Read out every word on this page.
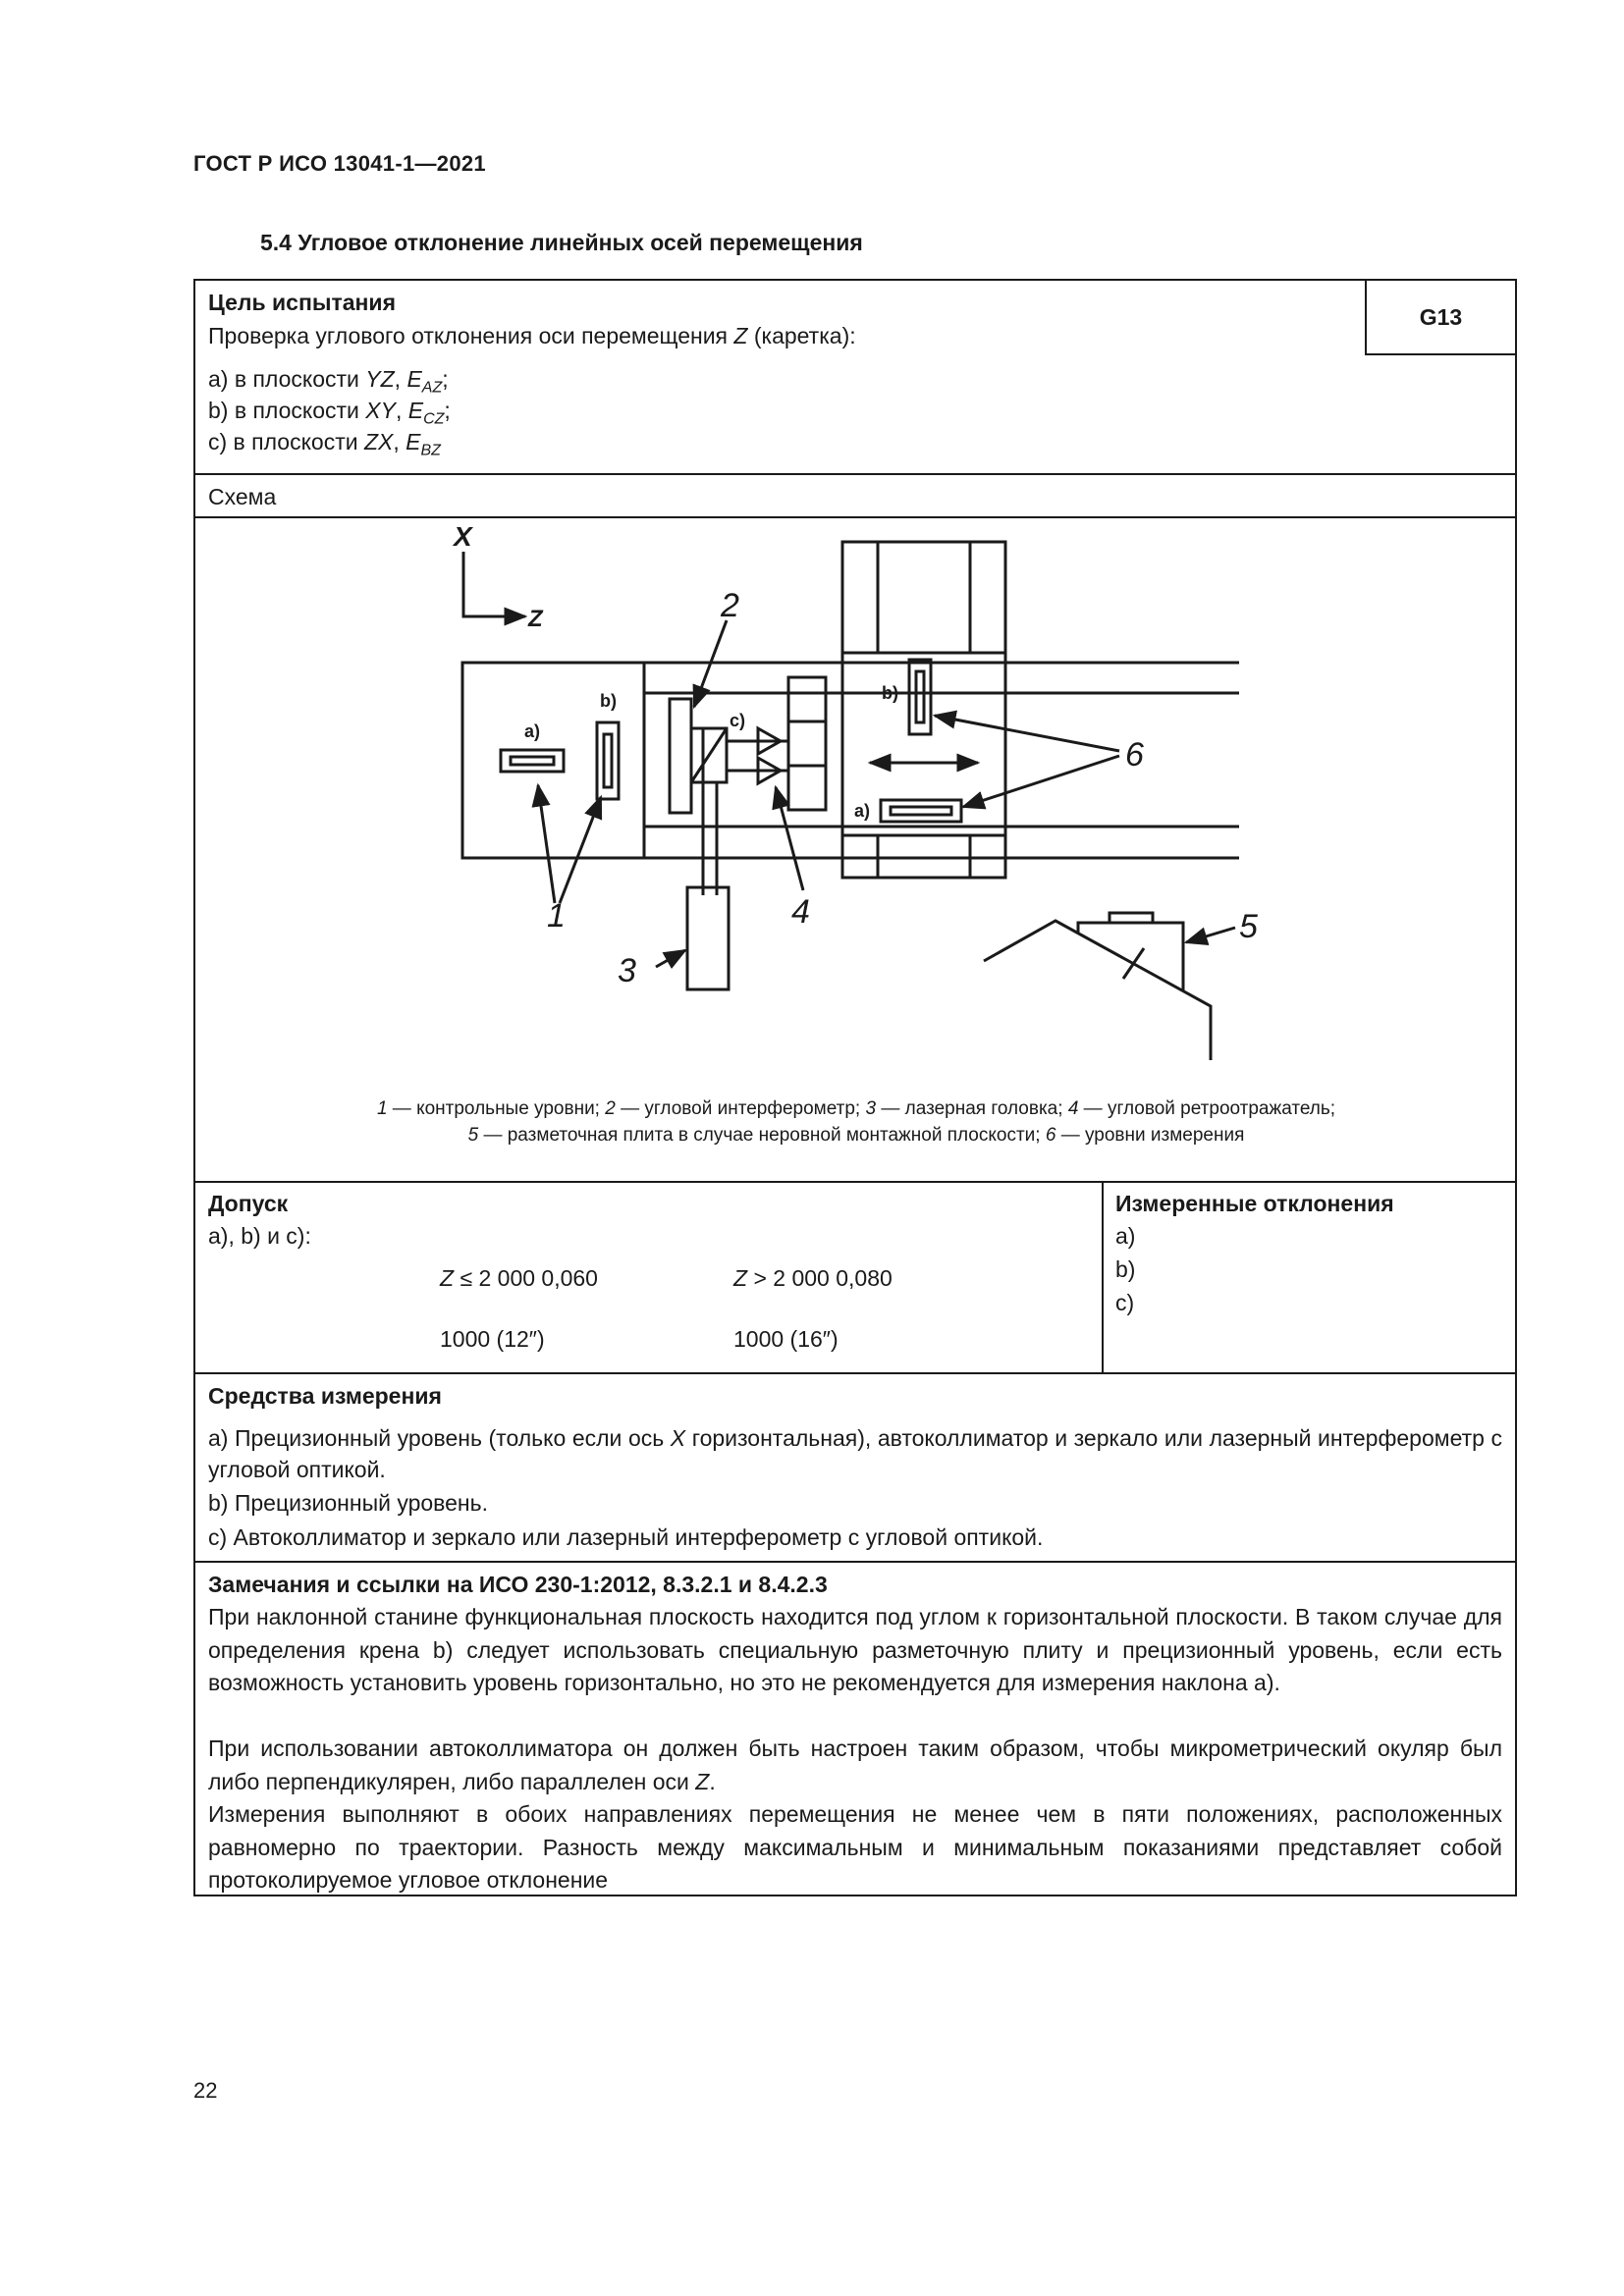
ГОСТ Р ИСО 13041-1—2021
5.4 Угловое отклонение линейных осей перемещения
G13
Цель испытания
Проверка углового отклонения оси перемещения Z (каретка):
a) в плоскости YZ, $E_{AZ}$;
b) в плоскости XY, $E_{CZ}$;
c) в плоскости ZX, $E_{BZ}$
Схема
X
Z
1
2
3
4	5
6
a)
b)
c)
b)
a)
1 — контрольные уровни; 2 — угловой интерферометр; 3 — лазерная головка; 4 — угловой ретроотражатель;
5 — разметочная плита в случае неровной монтажной плоскости; 6 — уровни измерения
Допуск
a), b) и c):
Z ≤ 2 000 0,060	Z > 2 000 0,080
1000 (12″)	1000 (16″)
Измеренные отклонения
a)
b)
c)
Средства измерения
a) Прецизионный уровень (только если ось X горизонтальная), автоколлиматор и зеркало или лазерный интерферометр с угловой оптикой.
b) Прецизионный уровень.
c) Автоколлиматор и зеркало или лазерный интерферометр с угловой оптикой.
Замечания и ссылки на ИСО 230-1:2012, 8.3.2.1 и 8.4.2.3
При наклонной станине функциональная плоскость находится под углом к горизонтальной плоскости. В таком случае для определения крена b) следует использовать специальную разметочную плиту и прецизионный уровень, если есть возможность установить уровень горизонтально, но это не рекомендуется для измерения наклона a).
При использовании автоколлиматора он должен быть настроен таким образом, чтобы микрометрический окуляр был либо перпендикулярен, либо параллелен оси Z.
Измерения выполняют в обоих направлениях перемещения не менее чем в пяти положениях, расположенных равномерно по траектории. Разность между максимальным и минимальным показаниями представляет собой протоколируемое угловое отклонение
22
